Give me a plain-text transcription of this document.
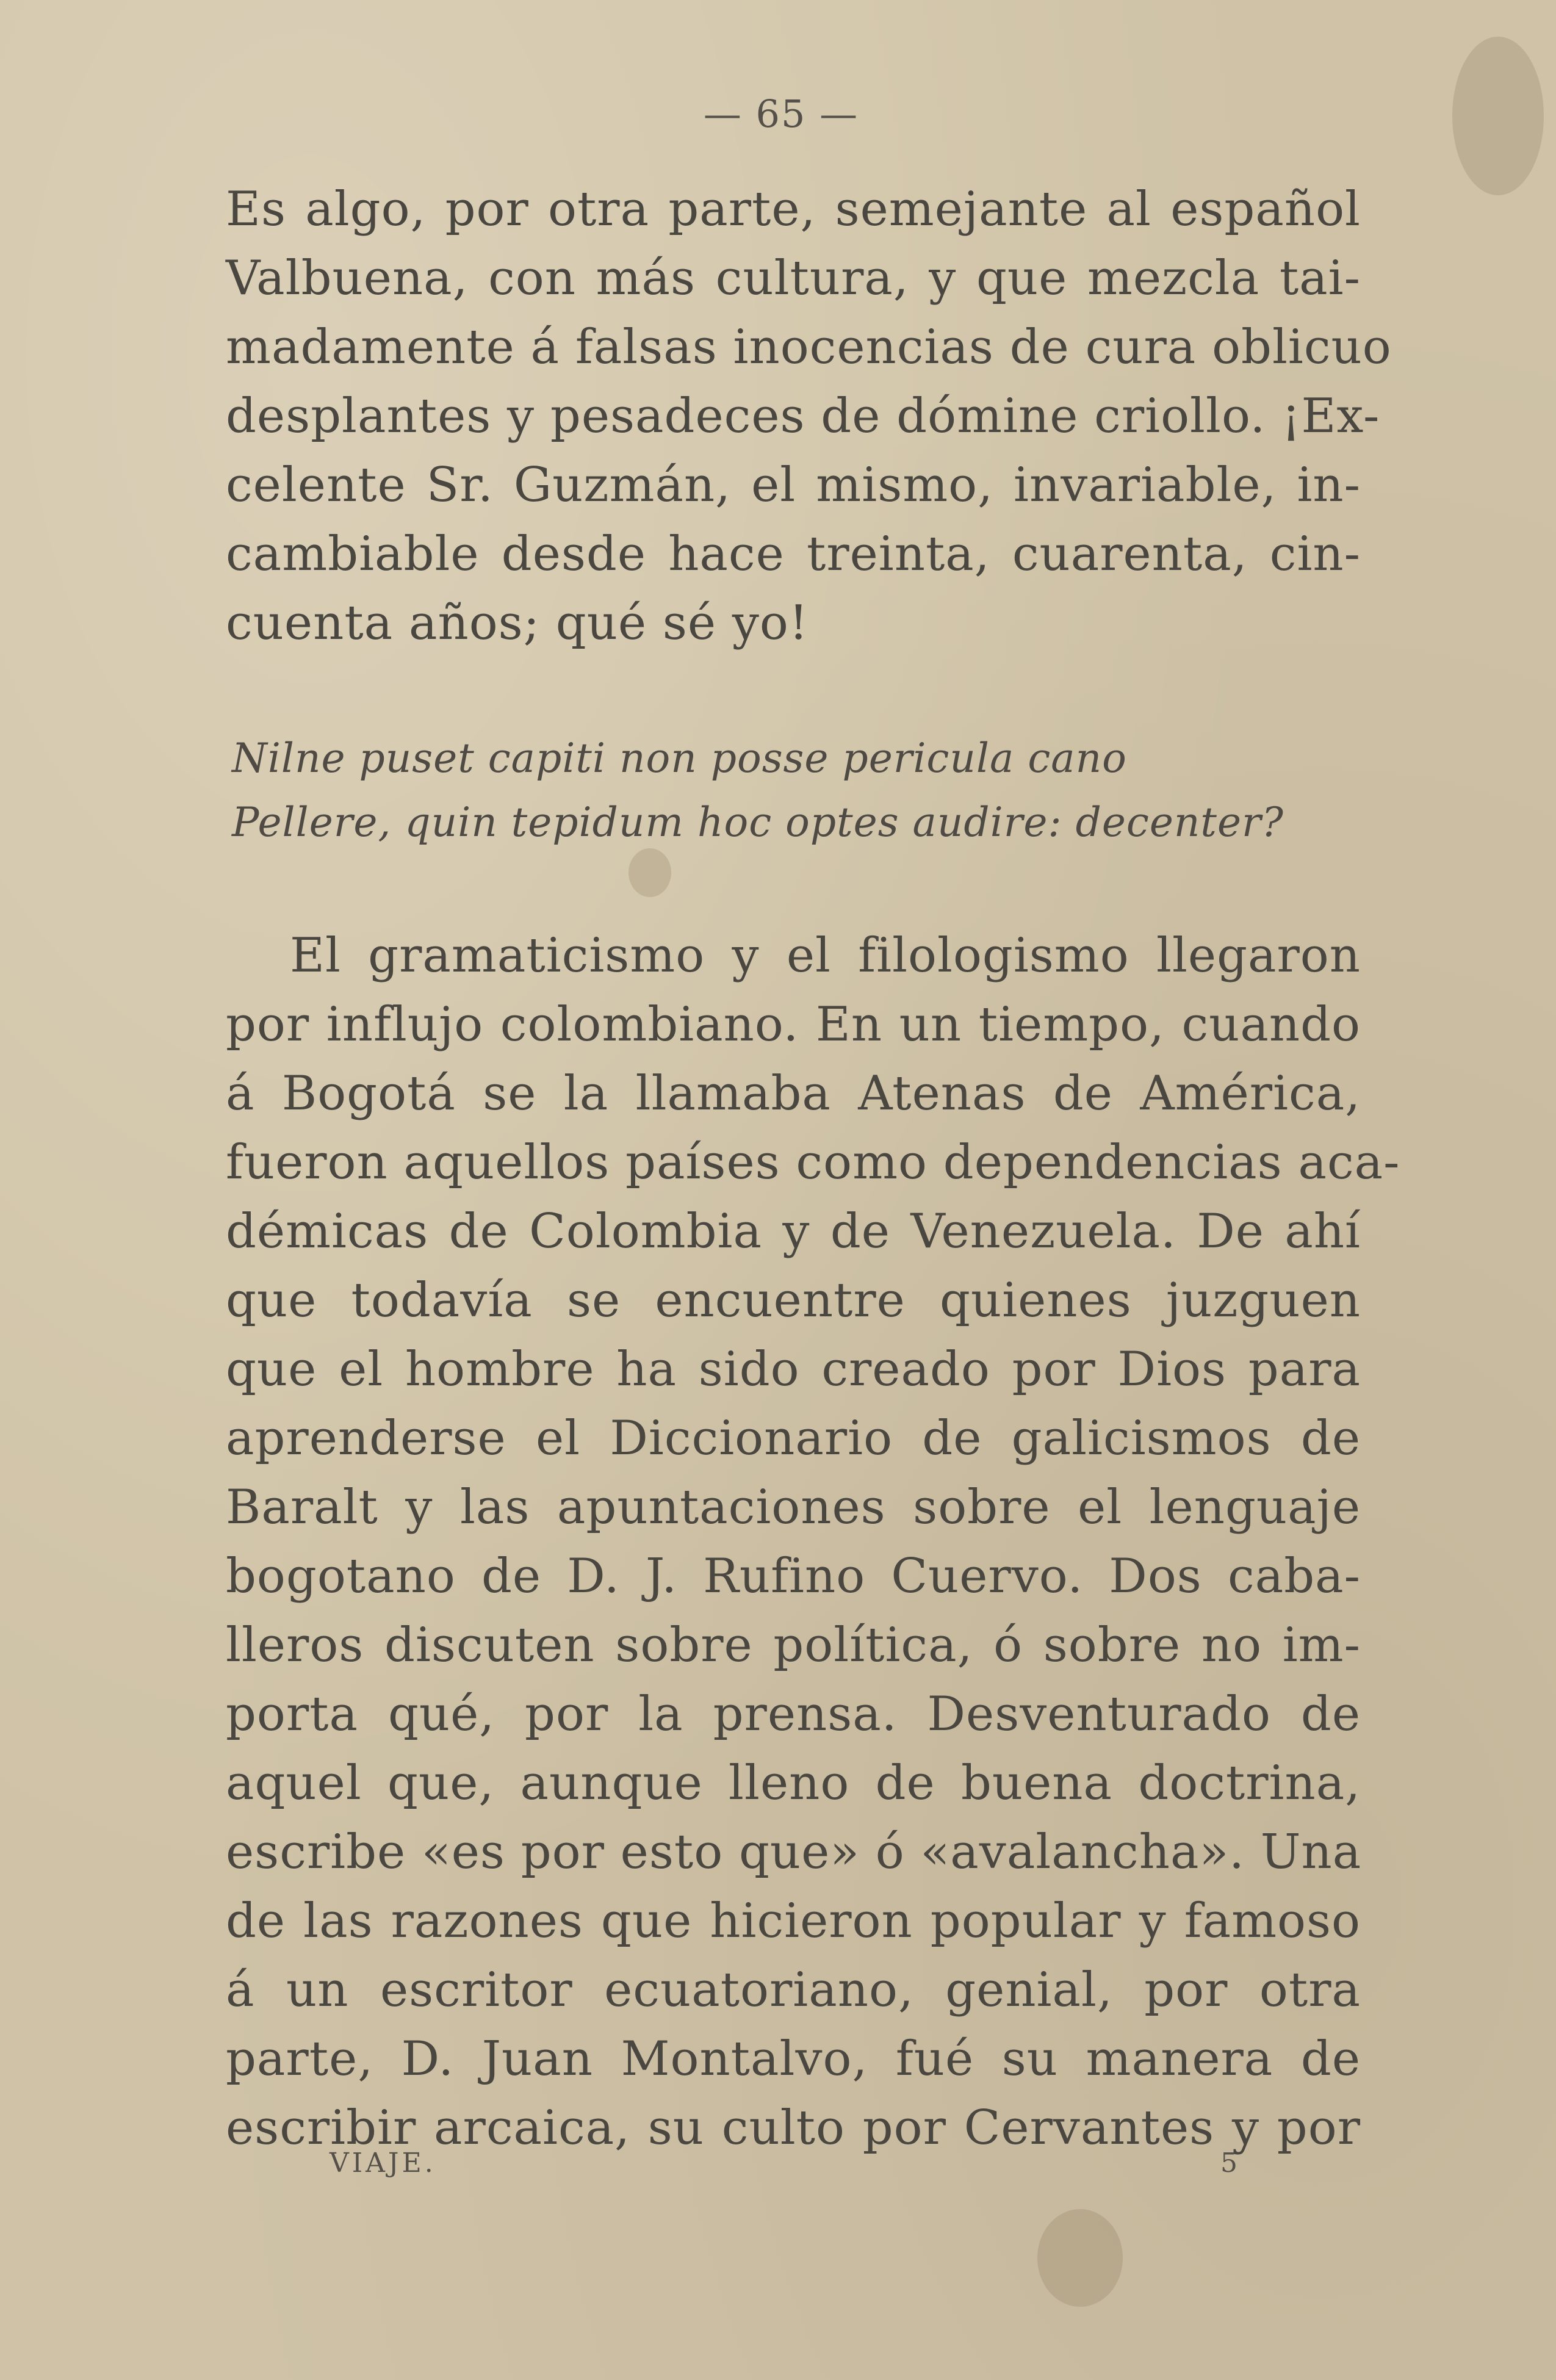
— 65 —
Es algo, por otra parte, semejante al español
Valbuena, con más cultura, y que mezcla tai-
madamente á falsas inocencias de cura oblicuo
desplantes y pesadeces de dómine criollo. ¡Ex-
celente Sr. Guzmán, el mismo, invariable, in-
cambiable desde hace treinta, cuarenta, cin-
cuenta años; qué sé yo!
Nilne puset capiti non posse pericula cano
Pellere, quin tepidum hoc optes audire: decenter?
El gramaticismo y el filologismo llegaron
por influjo colombiano. En un tiempo, cuando
á Bogotá se la llamaba Atenas de América,
fueron aquellos países como dependencias aca-
démicas de Colombia y de Venezuela. De ahí
que todavía se encuentre quienes juzguen
que el hombre ha sido creado por Dios para
aprenderse el Diccionario de galicismos de
Baralt y las apuntaciones sobre el lenguaje
bogotano de D. J. Rufino Cuervo. Dos caba-
lleros discuten sobre política, ó sobre no im-
porta qué, por la prensa. Desventurado de
aquel que, aunque lleno de buena doctrina,
escribe «es por esto que» ó «avalancha». Una
de las razones que hicieron popular y famoso
á un escritor ecuatoriano, genial, por otra
parte, D. Juan Montalvo, fué su manera de
escribir arcaica, su culto por Cervantes y por
VIAJE.	5
